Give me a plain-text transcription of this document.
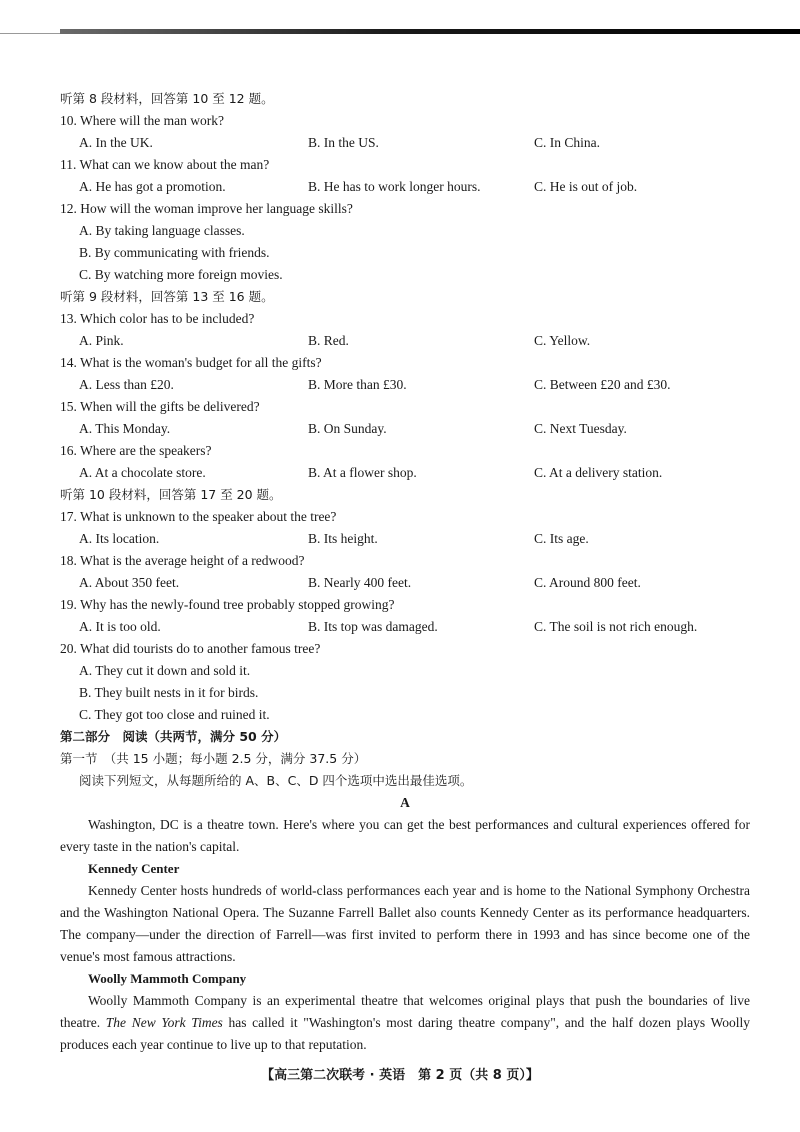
听第 8 段材料，回答第 10 至 12 题。
10. Where will the man work?
A. In the UK.	B. In the US.	C. In China.
11. What can we know about the man?
A. He has got a promotion.	B. He has to work longer hours.	C. He is out of job.
12. How will the woman improve her language skills?
A. By taking language classes.
B. By communicating with friends.
C. By watching more foreign movies.
听第 9 段材料，回答第 13 至 16 题。
13. Which color has to be included?
A. Pink.	B. Red.	C. Yellow.
14. What is the woman's budget for all the gifts?
A. Less than £20.	B. More than £30.	C. Between £20 and £30.
15. When will the gifts be delivered?
A. This Monday.	B. On Sunday.	C. Next Tuesday.
16. Where are the speakers?
A. At a chocolate store.	B. At a flower shop.	C. At a delivery station.
听第 10 段材料，回答第 17 至 20 题。
17. What is unknown to the speaker about the tree?
A. Its location.	B. Its height.	C. Its age.
18. What is the average height of a redwood?
A. About 350 feet.	B. Nearly 400 feet.	C. Around 800 feet.
19. Why has the newly-found tree probably stopped growing?
A. It is too old.	B. Its top was damaged.	C. The soil is not rich enough.
20. What did tourists do to another famous tree?
A. They cut it down and sold it.
B. They built nests in it for birds.
C. They got too close and ruined it.
第二部分　阅读（共两节，满分 50 分）
第一节　（共 15 小题；每小题 2.5 分，满分 37.5 分）
阅读下列短文，从每题所给的 A、B、C、D 四个选项中选出最佳选项。
A

Washington, DC is a theatre town. Here's where you can get the best performances and cultural experiences offered for every taste in the nation's capital.

Kennedy Center

Kennedy Center hosts hundreds of world-class performances each year and is home to the National Symphony Orchestra and the Washington National Opera. The Suzanne Farrell Ballet also counts Kennedy Center as its performance headquarters. The company—under the direction of Farrell—was first invited to perform there in 1993 and has since become one of the venue's most famous attractions.

Woolly Mammoth Company

Woolly Mammoth Company is an experimental theatre that welcomes original plays that push the boundaries of live theatre. The New York Times has called it "Washington's most daring theatre company", and the half dozen plays Woolly produces each year continue to live up to that reputation.

【高三第二次联考 · 英语　第 2 页（共 8 页）】
